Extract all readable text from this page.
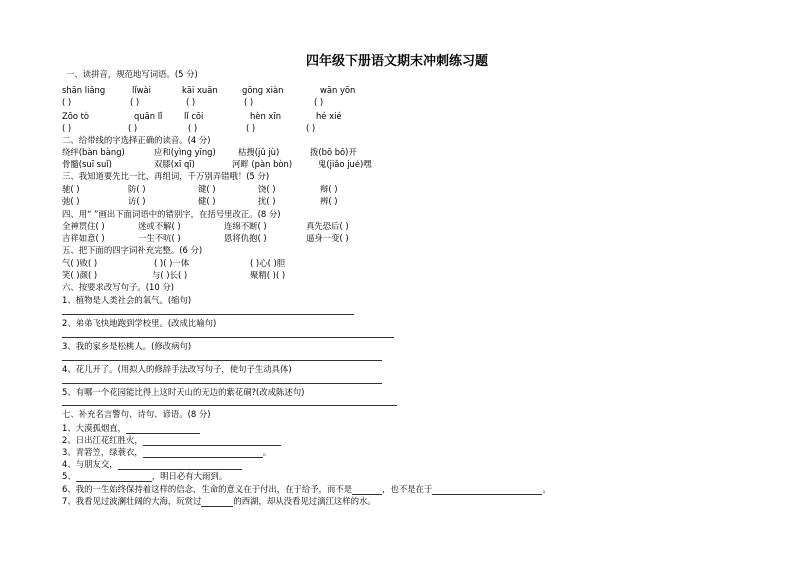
四年级下册语文期末冲刺练习题
一、读拼音，规范地写词语。(5 分)
shān liǎng	lǐwài	kāi xuān	gōng xiàn	wān yōn
( )	( )	( )	( )	( )
Zōo tò	quān lǐ	lǐ cōi	hèn xīn	hé xié
( )	( )	( )	( )	( )
二、给带线的字选择正确的读音。(4 分)
绕绊(bàn bàng)	应和(yìng yīng)	枯搜(jǔ jù)	拨(bō bō)开
骨髓(suī suǐ)	双膝(xī qī)	河畔 (pàn bòn)	鬼(jiǎo jué)嘿
三、我知道要先比一比，再组词，千万别弄错哦！(5 分)
驰( )	防( )	键( )	饶( )	辩( )
弛( )	访( )	健( )	扰( )	辨( )
四、用“ ”画出下面词语中的错别字，在括号里改正。(8 分)
全神贯住( )	迷或不解( )	连绵不断( )	真先恐后( )
吉祥如意( )	一生不吭( )	恩将仇抱( )	逼身一变( )
五、把下面的四字词补充完整。(6 分)
气( )败( )	( )( )一体	( )心( )胆
笑( )颜( )	与( )长( )	聚精( )( )
六、按要求改写句子。(10 分)
1、植物是人类社会的氧气。(缩句)
2、弟弟飞快地跑到学校里。(改成比喻句)
3、我的家乡是松桃人。(修改病句)
4、花儿开了。(用拟人的修辞手法改写句子，使句子生动具体)
5、有哪一个花园能比得上这时天山的无边的紫花硐?(改成陈述句)
七、补充名言警句、诗句、谚语。(8 分)
1、大漠孤烟直，
2、日出江花红胜火，
3、青箬笠，绿蓑衣，	。
4、与朋友交，
5、	，明日必有大雨到。
6、我的一生始终保持着这样的信念，生命的意义在于付出，在于给予，而不是	，也不是在于	。
7、我看见过波澜壮阔的大海，玩赏过	的西湖，却从没看见过漓江这样的水。
